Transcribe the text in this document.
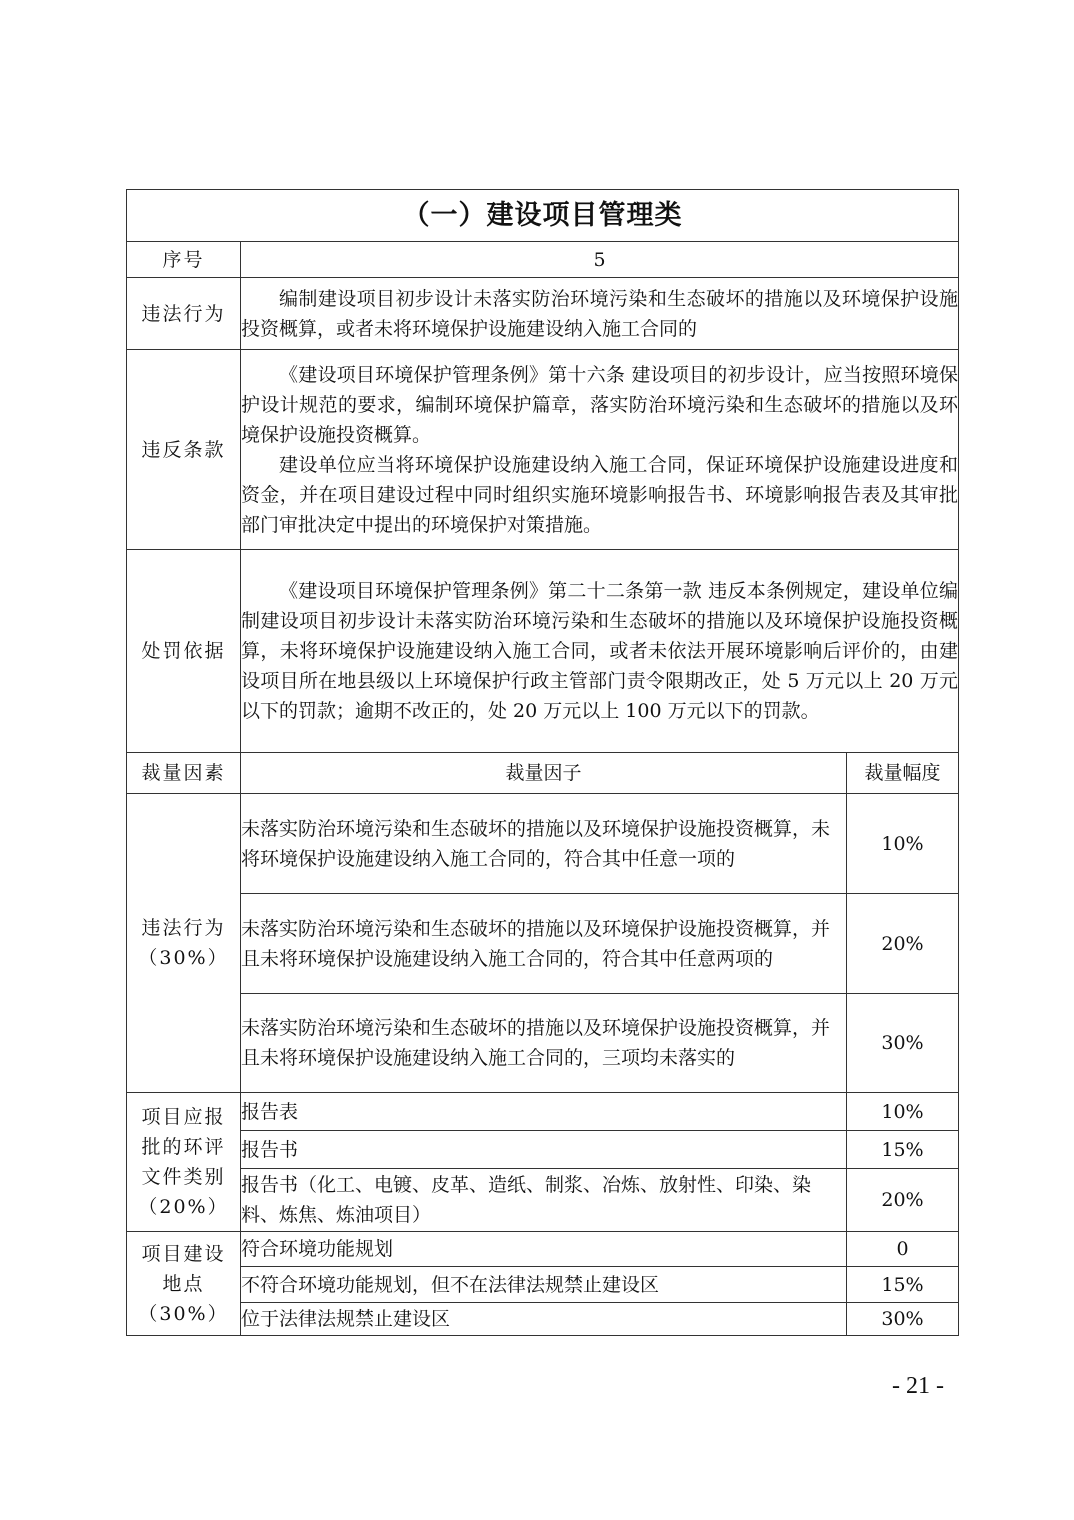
（一）建设项目管理类		
序号	5	
违法行为	编制建设项目初步设计未落实防治环境污染和生态破坏的措施以及环境保护设施投资概算，或者未将环境保护设施建设纳入施工合同的	

违反条款	《建设项目环境保护管理条例》第十六条 建设项目的初步设计，应当按照环境保护设计规范的要求，编制环境保护篇章，落实防治环境污染和生态破坏的措施以及环境保护设施投资概算。

建设单位应当将环境保护设施建设纳入施工合同，保证环境保护设施建设进度和资金，并在项目建设过程中同时组织实施环境影响报告书、环境影响报告表及其审批部门审批决定中提出的环境保护对策措施。	

处罚依据	《建设项目环境保护管理条例》第二十二条第一款 违反本条例规定，建设单位编制建设项目初步设计未落实防治环境污染和生态破坏的措施以及环境保护设施投资概算，未将环境保护设施建设纳入施工合同，或者未依法开展环境影响后评价的，由建设项目所在地县级以上环境保护行政主管部门责令限期改正，处 5 万元以上 20 万元以下的罚款；逾期不改正的，处 20 万元以上 100 万元以下的罚款。	

裁量因素	裁量因子	裁量幅度

违法行为
（30%）	未落实防治环境污染和生态破坏的措施以及环境保护设施投资概算，未将环境保护设施建设纳入施工合同的，符合其中任意一项的	10%
	未落实防治环境污染和生态破坏的措施以及环境保护设施投资概算，并且未将环境保护设施建设纳入施工合同的，符合其中任意两项的	20%
	未落实防治环境污染和生态破坏的措施以及环境保护设施投资概算，并且未将环境保护设施建设纳入施工合同的，三项均未落实的	30%

项目应报
批的环评
文件类别
（20%）	报告表	10%
	报告书	15%
	报告书（化工、电镀、皮革、造纸、制浆、冶炼、放射性、印染、染料、炼焦、炼油项目）	20%

项目建设
地点
（30%）	符合环境功能规划	0
	不符合环境功能规划，但不在法律法规禁止建设区	15%
	位于法律法规禁止建设区	30%
- 21 -
